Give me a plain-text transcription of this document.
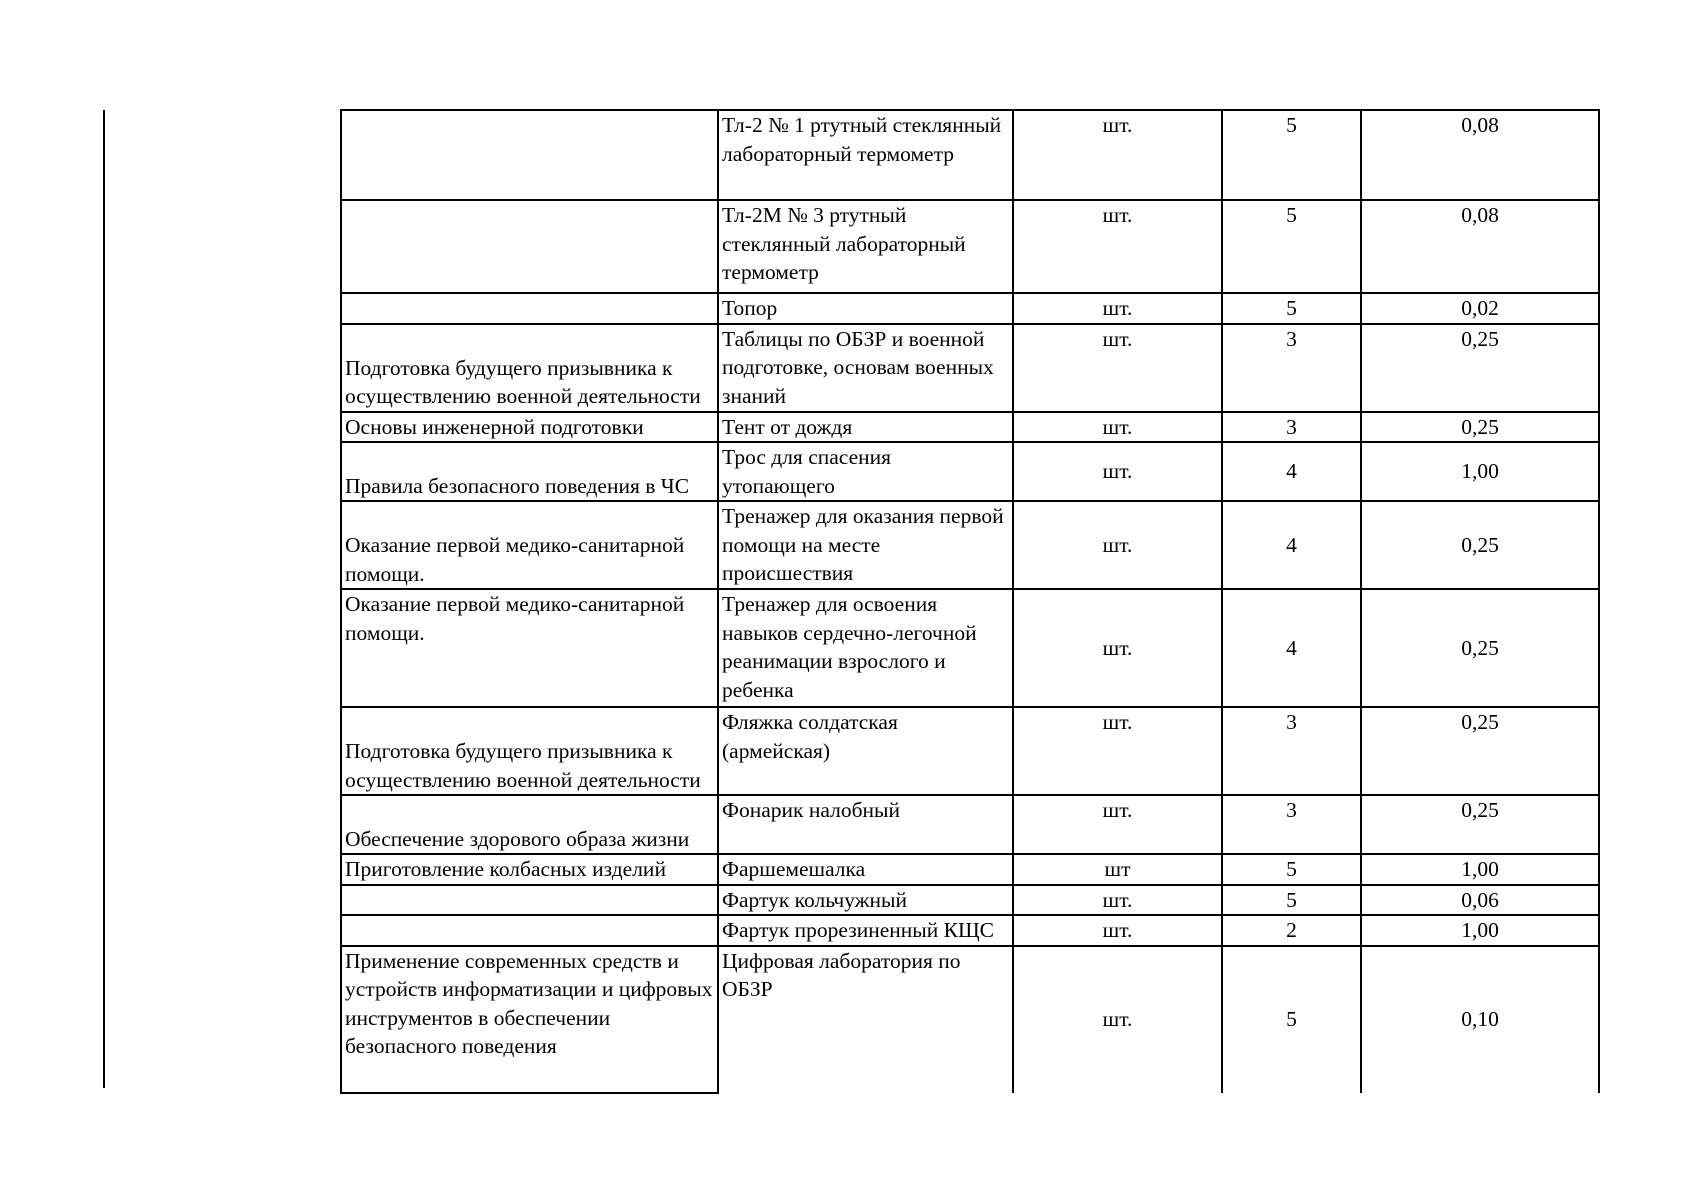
	Тл-2 № 1 ртутный стеклянный лабораторный термометр	шт.	5	0,08
	Тл-2М № 3 ртутный стеклянный лабораторный термометр	шт.	5	0,08
	Топор	шт.	5	0,02
Подготовка будущего призывника к осуществлению военной деятельности	Таблицы по ОБЗР и военной подготовке, основам военных знаний	шт.	3	0,25
Основы инженерной подготовки	Тент от дождя	шт.	3	0,25
Правила безопасного поведения в ЧС	Трос для спасения утопающего	шт.	4	1,00
Оказание первой медико-санитарной помощи.	Тренажер для оказания первой помощи на месте происшествия	шт.	4	0,25
Оказание первой медико-санитарной помощи.	Тренажер для освоения навыков сердечно-легочной реанимации взрослого и ребенка	шт.	4	0,25
Подготовка будущего призывника к осуществлению военной деятельности	Фляжка солдатская (армейская)	шт.	3	0,25
Обеспечение здорового образа жизни	Фонарик налобный	шт.	3	0,25
Приготовление колбасных изделий	Фаршемешалка	шт	5	1,00
	Фартук кольчужный	шт.	5	0,06
	Фартук прорезиненный КЩС	шт.	2	1,00
Применение современных средств и устройств информатизации и цифровых инструментов в обеспечении безопасного поведения	Цифровая лаборатория по ОБЗР	шт.	5	0,10
